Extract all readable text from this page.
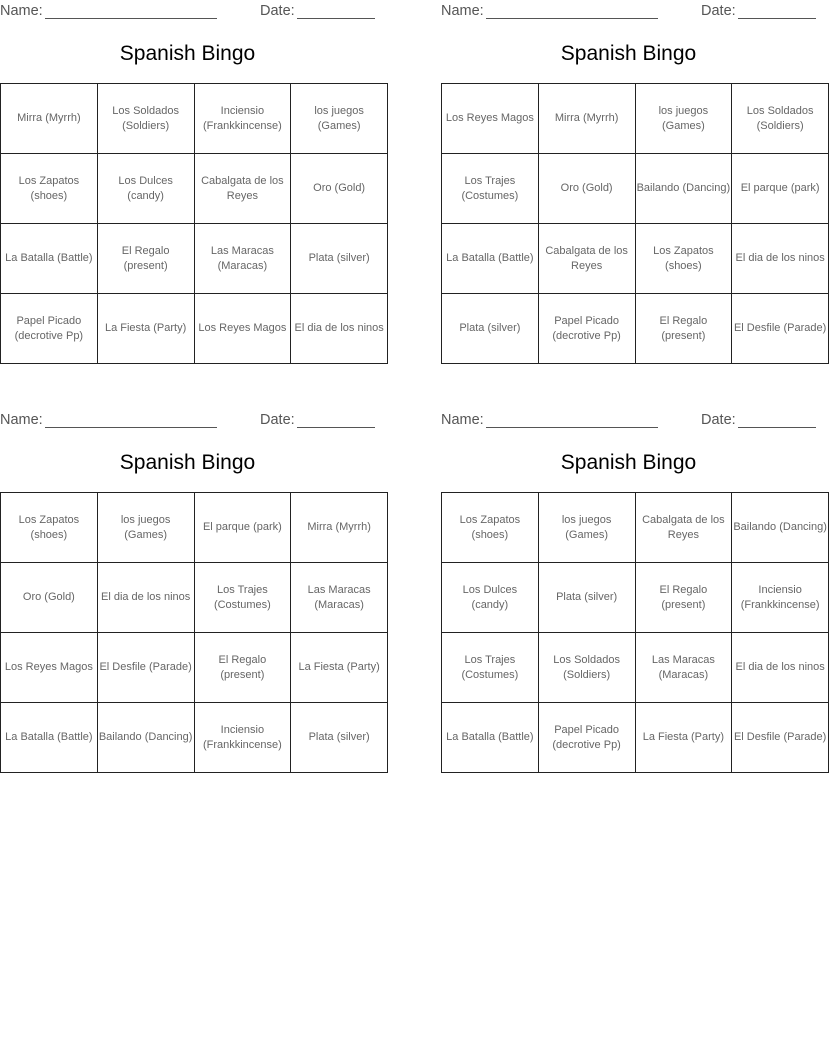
Name:	Date:
Spanish Bingo
Mirra (Myrrh)	Los Soldados (Soldiers)	Inciensio (Frankkincense)	los juegos (Games)
Los Zapatos (shoes)	Los Dulces (candy)	Cabalgata de los Reyes	Oro (Gold)
La Batalla (Battle)	El Regalo (present)	Las Maracas (Maracas)	Plata (silver)
Papel Picado (decrotive Pp)	La Fiesta (Party)	Los Reyes Magos	El dia de los ninos
Name:	Date:
Spanish Bingo
Los Reyes Magos	Mirra (Myrrh)	los juegos (Games)	Los Soldados (Soldiers)
Los Trajes (Costumes)	Oro (Gold)	Bailando (Dancing)	El parque (park)
La Batalla (Battle)	Cabalgata de los Reyes	Los Zapatos (shoes)	El dia de los ninos
Plata (silver)	Papel Picado (decrotive Pp)	El Regalo (present)	El Desfile (Parade)
Name:	Date:
Spanish Bingo
Los Zapatos (shoes)	los juegos (Games)	El parque (park)	Mirra (Myrrh)
Oro (Gold)	El dia de los ninos	Los Trajes (Costumes)	Las Maracas (Maracas)
Los Reyes Magos	El Desfile (Parade)	El Regalo (present)	La Fiesta (Party)
La Batalla (Battle)	Bailando (Dancing)	Inciensio (Frankkincense)	Plata (silver)
Name:	Date:
Spanish Bingo
Los Zapatos (shoes)	los juegos (Games)	Cabalgata de los Reyes	Bailando (Dancing)
Los Dulces (candy)	Plata (silver)	El Regalo (present)	Inciensio (Frankkincense)
Los Trajes (Costumes)	Los Soldados (Soldiers)	Las Maracas (Maracas)	El dia de los ninos
La Batalla (Battle)	Papel Picado (decrotive Pp)	La Fiesta (Party)	El Desfile (Parade)
